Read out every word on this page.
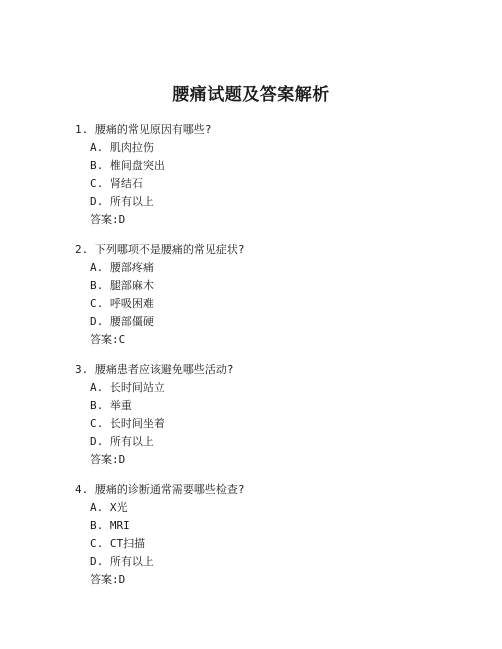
腰痛试题及答案解析
1. 腰痛的常见原因有哪些?
A. 肌肉拉伤
B. 椎间盘突出
C. 肾结石
D. 所有以上
答案:D
2. 下列哪项不是腰痛的常见症状?
A. 腰部疼痛
B. 腿部麻木
C. 呼吸困难
D. 腰部僵硬
答案:C
3. 腰痛患者应该避免哪些活动?
A. 长时间站立
B. 举重
C. 长时间坐着
D. 所有以上
答案:D
4. 腰痛的诊断通常需要哪些检查?
A. X光
B. MRI
C. CT扫描
D. 所有以上
答案:D
